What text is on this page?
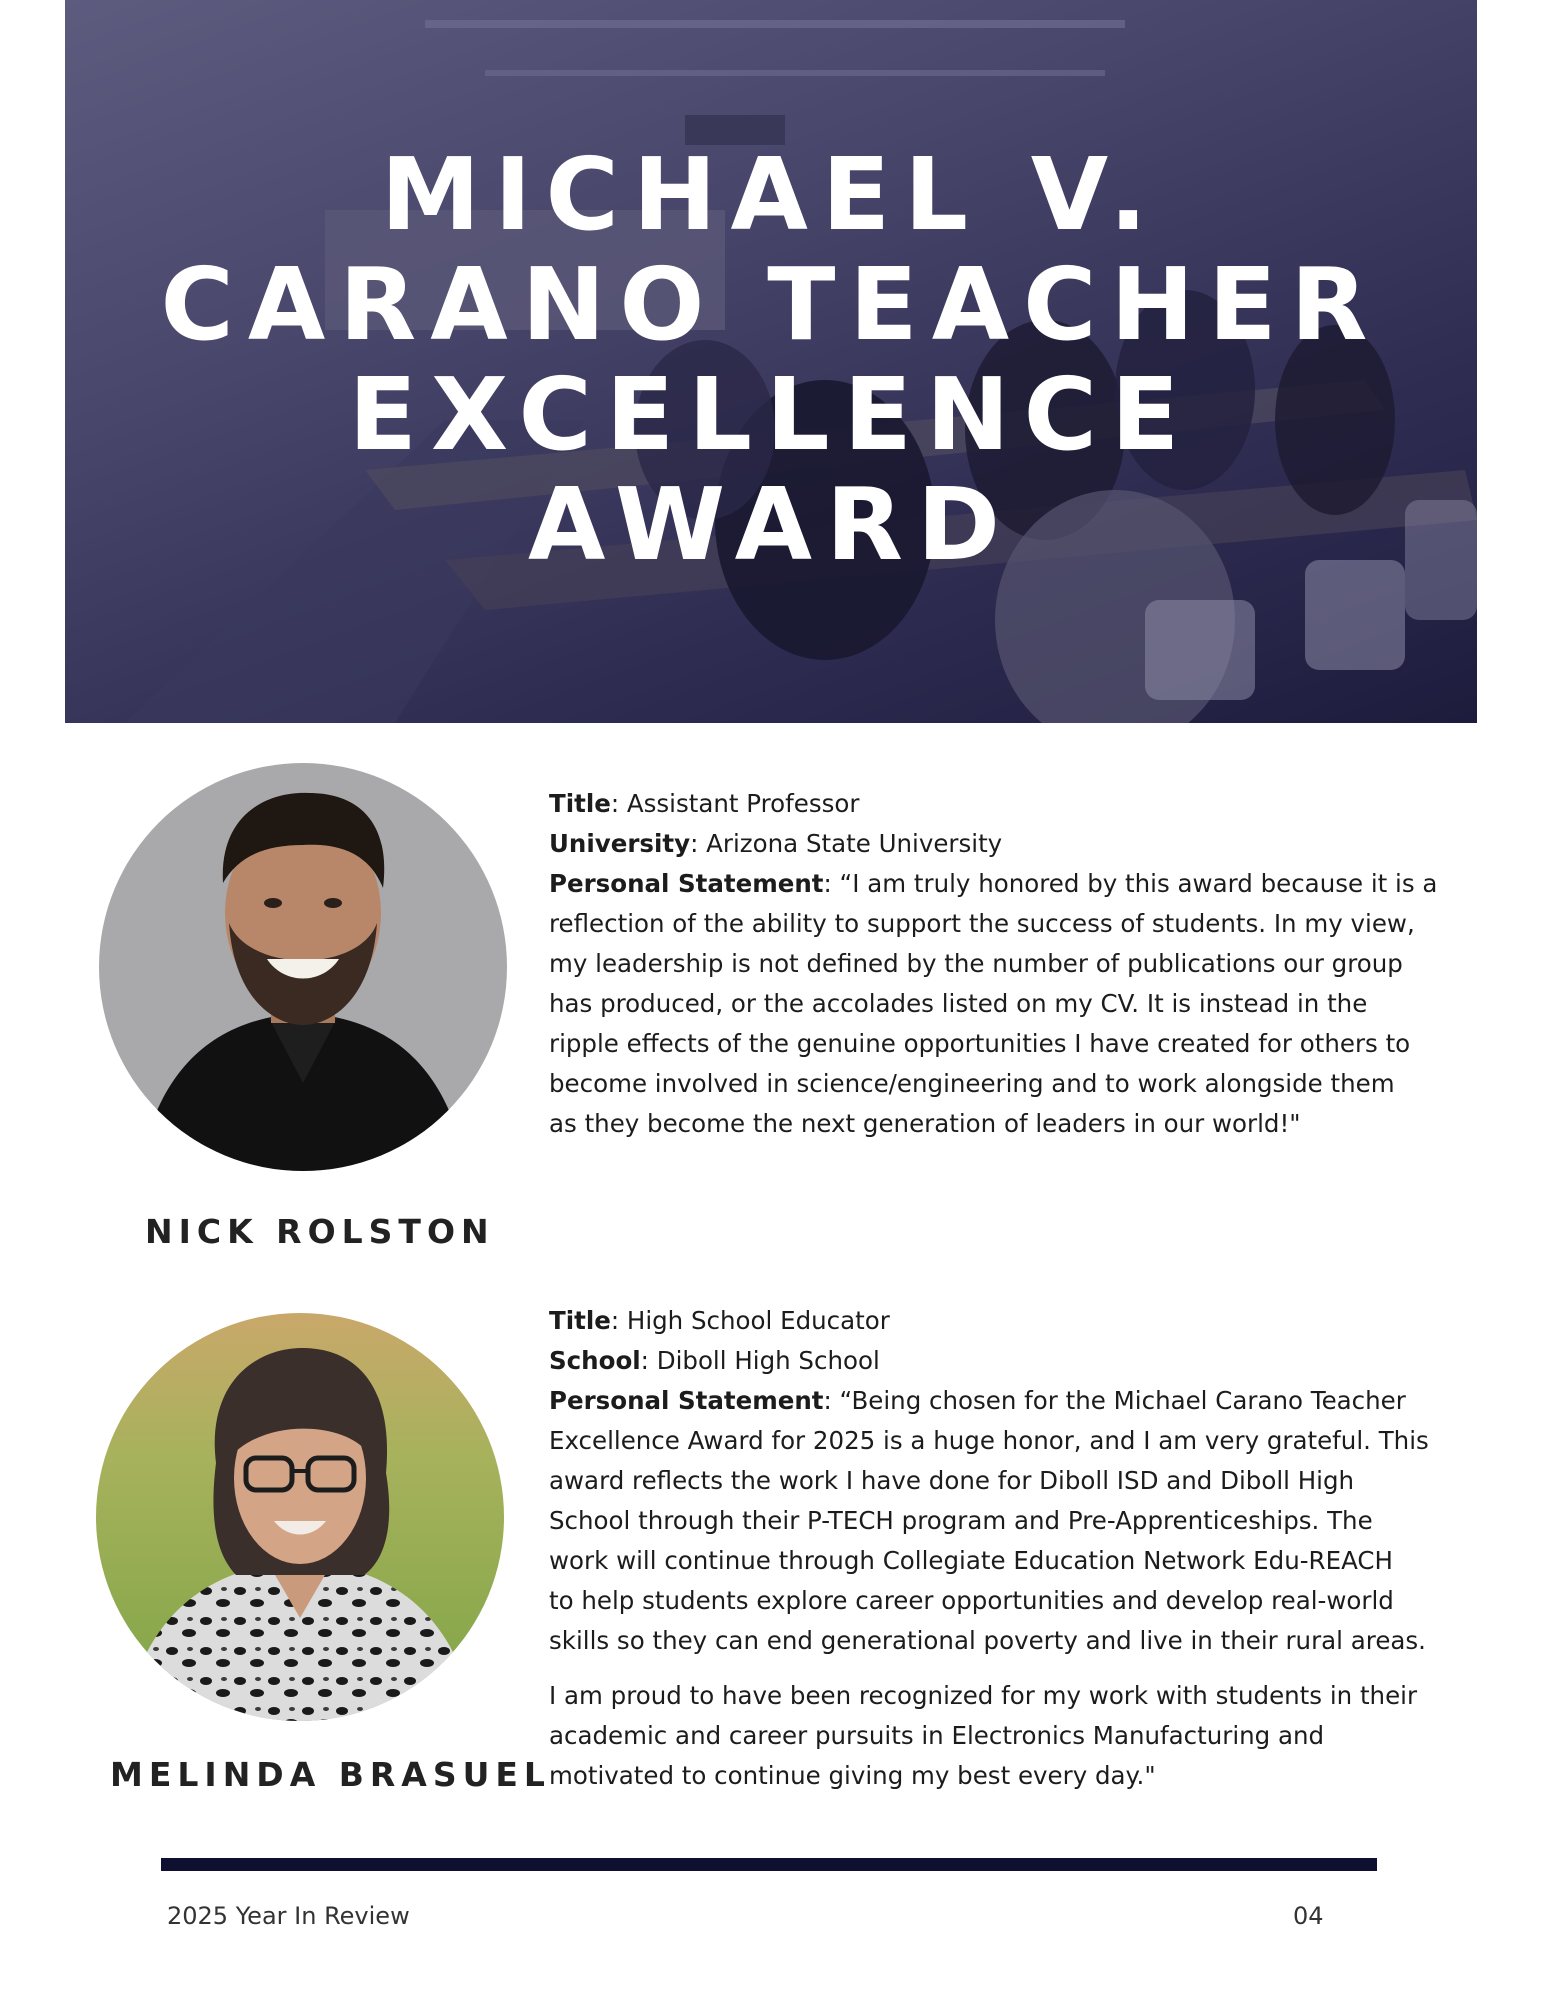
MICHAEL V.
CARANO TEACHER
EXCELLENCE
AWARD
NICK ROLSTON

Title: Assistant Professor

University: Arizona State University

Personal Statement: “I am truly honored by this award because it is a
reflection of the ability to support the success of students. In my view,
my leadership is not defined by the number of publications our group
has produced, or the accolades listed on my CV. It is instead in the
ripple effects of the genuine opportunities I have created for others to
become involved in science/engineering and to work alongside them
as they become the next generation of leaders in our world!"

MELINDA BRASUEL

Title: High School Educator

School: Diboll High School

Personal Statement: “Being chosen for the Michael Carano Teacher
Excellence Award for 2025 is a huge honor, and I am very grateful. This
award reflects the work I have done for Diboll ISD and Diboll High
School through their P-TECH program and Pre-Apprenticeships. The
work will continue through Collegiate Education Network Edu-REACH
to help students explore career opportunities and develop real-world
skills so they can end generational poverty and live in their rural areas.

I am proud to have been recognized for my work with students in their
academic and career pursuits in Electronics Manufacturing and
motivated to continue giving my best every day."

2025 Year In Review	04
